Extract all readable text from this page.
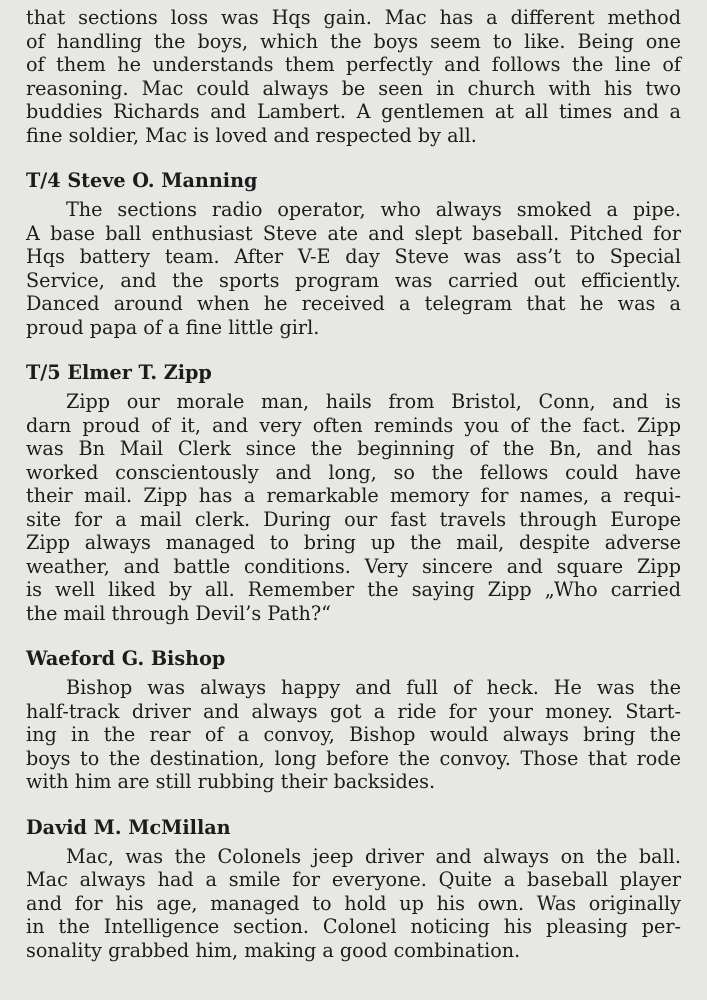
that sections loss was Hqs gain. Mac has a different method
of handling the boys, which the boys seem to like. Being one
of them he understands them perfectly and follows the line of
reasoning. Mac could always be seen in church with his two
buddies Richards and Lambert. A gentlemen at all times and a
fine soldier, Mac is loved and respected by all.
T/4 Steve O. Manning
The sections radio operator, who always smoked a pipe.
A base ball enthusiast Steve ate and slept baseball. Pitched for
Hqs battery team. After V-E day Steve was ass’t to Special
Service, and the sports program was carried out efficiently.
Danced around when he received a telegram that he was a
proud papa of a fine little girl.
T/5 Elmer T. Zipp
Zipp our morale man, hails from Bristol, Conn, and is
darn proud of it, and very often reminds you of the fact. Zipp
was Bn Mail Clerk since the beginning of the Bn, and has
worked conscientously and long, so the fellows could have
their mail. Zipp has a remarkable memory for names, a requi-
site for a mail clerk. During our fast travels through Europe
Zipp always managed to bring up the mail, despite adverse
weather, and battle conditions. Very sincere and square Zipp
is well liked by all. Remember the saying Zipp „Who carried
the mail through Devil’s Path?“
Waeford G. Bishop
Bishop was always happy and full of heck. He was the
half-track driver and always got a ride for your money. Start-
ing in the rear of a convoy, Bishop would always bring the
boys to the destination, long before the convoy. Those that rode
with him are still rubbing their backsides.
David M. McMillan
Mac, was the Colonels jeep driver and always on the ball.
Mac always had a smile for everyone. Quite a baseball player
and for his age, managed to hold up his own. Was originally
in the Intelligence section. Colonel noticing his pleasing per-
sonality grabbed him, making a good combination.
